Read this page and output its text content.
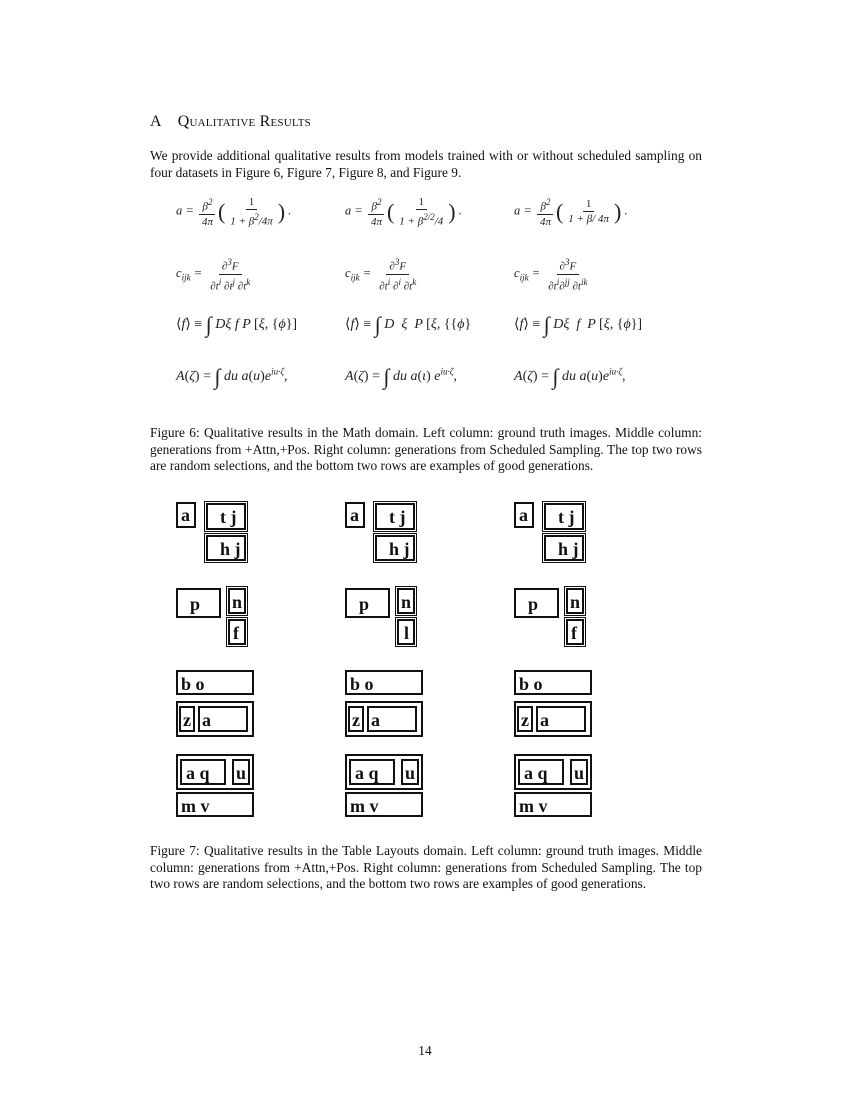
A Qualitative Results

We provide additional qualitative results from models trained with or without scheduled sampling on four datasets in Figure 6, Figure 7, Figure 8, and Figure 9.

$a = \frac{\beta^2}{4\pi}$ ( $\frac{1}{1 + \beta^2/4\pi}$ ) .	$a = \frac{\beta^2}{4\pi}$ ( $\frac{1}{1 + \beta^{2/2}/4}$ ) .	$a = \frac{\beta^2}{4\pi}$ ( $\frac{1}{1 + \beta/ 4\pi}$ ) .
$c_{ijk} = \frac{\partial^3F}{\partial t^i \partial t^j \partial t^k}$	$c_{ijk} = \frac{\partial^3F}{\partial t^i \partial^i \partial t^k}$	$c_{ijk} = \frac{\partial^3F}{\partial t^i\partial^{jj} \partial t^{ik}}$
⟨f⟩ ≡ ∫ Dξ f P [ξ, {ϕ}]	⟨f⟩ ≡ ∫ D  ξ  P [ξ, {{ϕ}	⟨f⟩ ≡ ∫ Dξ  f  P [ξ, {ϕ}]
A(ζ) = ∫ du $a(u)e^{iu\cdot\zeta}$,	A(ζ) = ∫ du a(ι) $e^{iu\cdot\zeta}$,	A(ζ) = ∫ du $a(u)e^{iu\cdot\zeta}$,

Figure 6: Qualitative results in the Math domain. Left column: ground truth images. Middle column: generations from +Attn,+Pos. Right column: generations from Scheduled Sampling. The top two rows are random selections, and the bottom two rows are examples of good generations.

a t j
h j
p n
f
b o
z a
a q u
m v
a t j
h j
p n
l
b o
z a
a q u
m v
a t j
h j
p n
f
b o
z a
a q u
m v

Figure 7: Qualitative results in the Table Layouts domain. Left column: ground truth images. Middle column: generations from +Attn,+Pos. Right column: generations from Scheduled Sampling. The top two rows are random selections, and the bottom two rows are examples of good generations.

14
